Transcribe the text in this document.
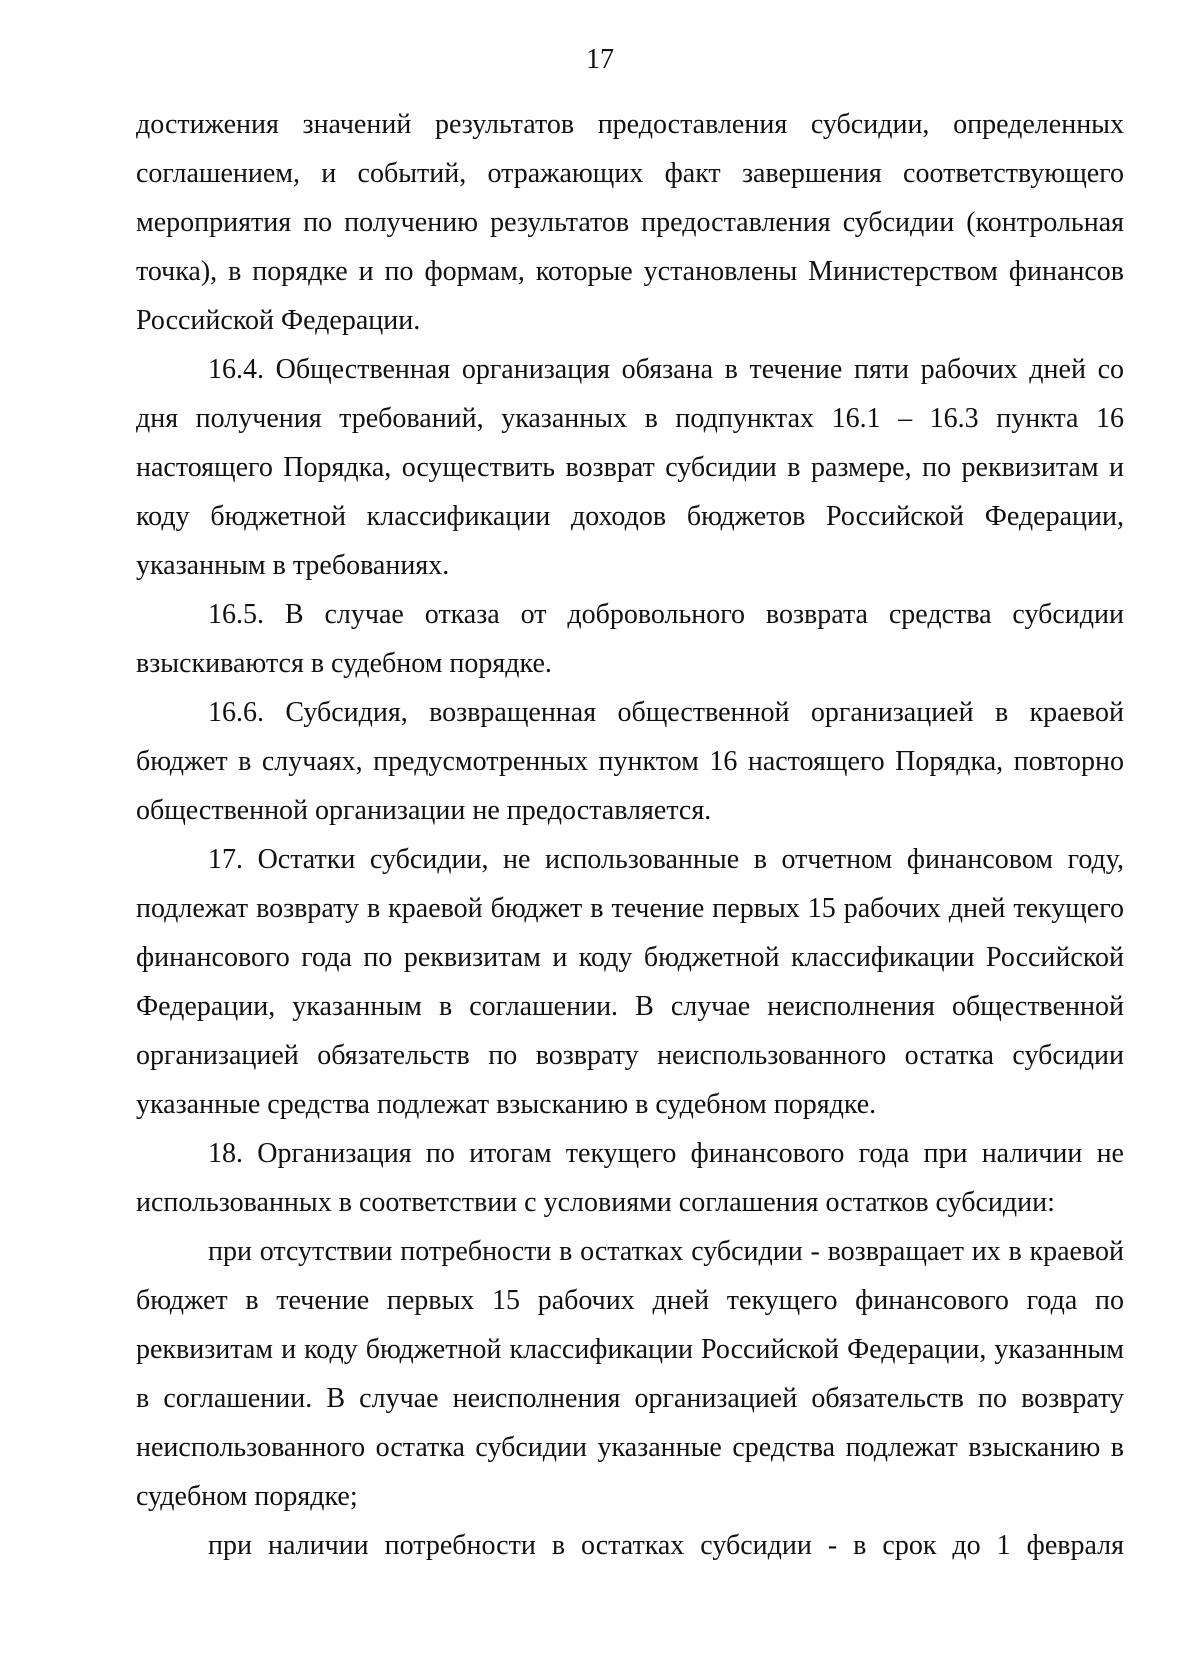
17

достижения значений результатов предоставления субсидии, определенных соглашением, и событий, отражающих факт завершения соответствующего мероприятия по получению результатов предоставления субсидии (контрольная точка), в порядке и по формам, которые установлены Министерством финансов Российской Федерации.

16.4. Общественная организация обязана в течение пяти рабочих дней со дня получения требований, указанных в подпунктах 16.1 – 16.3 пункта 16 настоящего Порядка, осуществить возврат субсидии в размере, по реквизитам и коду бюджетной классификации доходов бюджетов Российской Федерации, указанным в требованиях.

16.5. В случае отказа от добровольного возврата средства субсидии взыскиваются в судебном порядке.

16.6. Субсидия, возвращенная общественной организацией в краевой бюджет в случаях, предусмотренных пунктом 16 настоящего Порядка, повторно общественной организации не предоставляется.

17. Остатки субсидии, не использованные в отчетном финансовом году, подлежат возврату в краевой бюджет в течение первых 15 рабочих дней текущего финансового года по реквизитам и коду бюджетной классификации Российской Федерации, указанным в соглашении. В случае неисполнения общественной организацией обязательств по возврату неиспользованного остатка субсидии указанные средства подлежат взысканию в судебном порядке.

18. Организация по итогам текущего финансового года при наличии не использованных в соответствии с условиями соглашения остатков субсидии:

при отсутствии потребности в остатках субсидии - возвращает их в краевой бюджет в течение первых 15 рабочих дней текущего финансового года по реквизитам и коду бюджетной классификации Российской Федерации, указанным в соглашении. В случае неисполнения организацией обязательств по возврату неиспользованного остатка субсидии указанные средства подлежат взысканию в судебном порядке;

при наличии потребности в остатках субсидии - в срок до 1 февраля
